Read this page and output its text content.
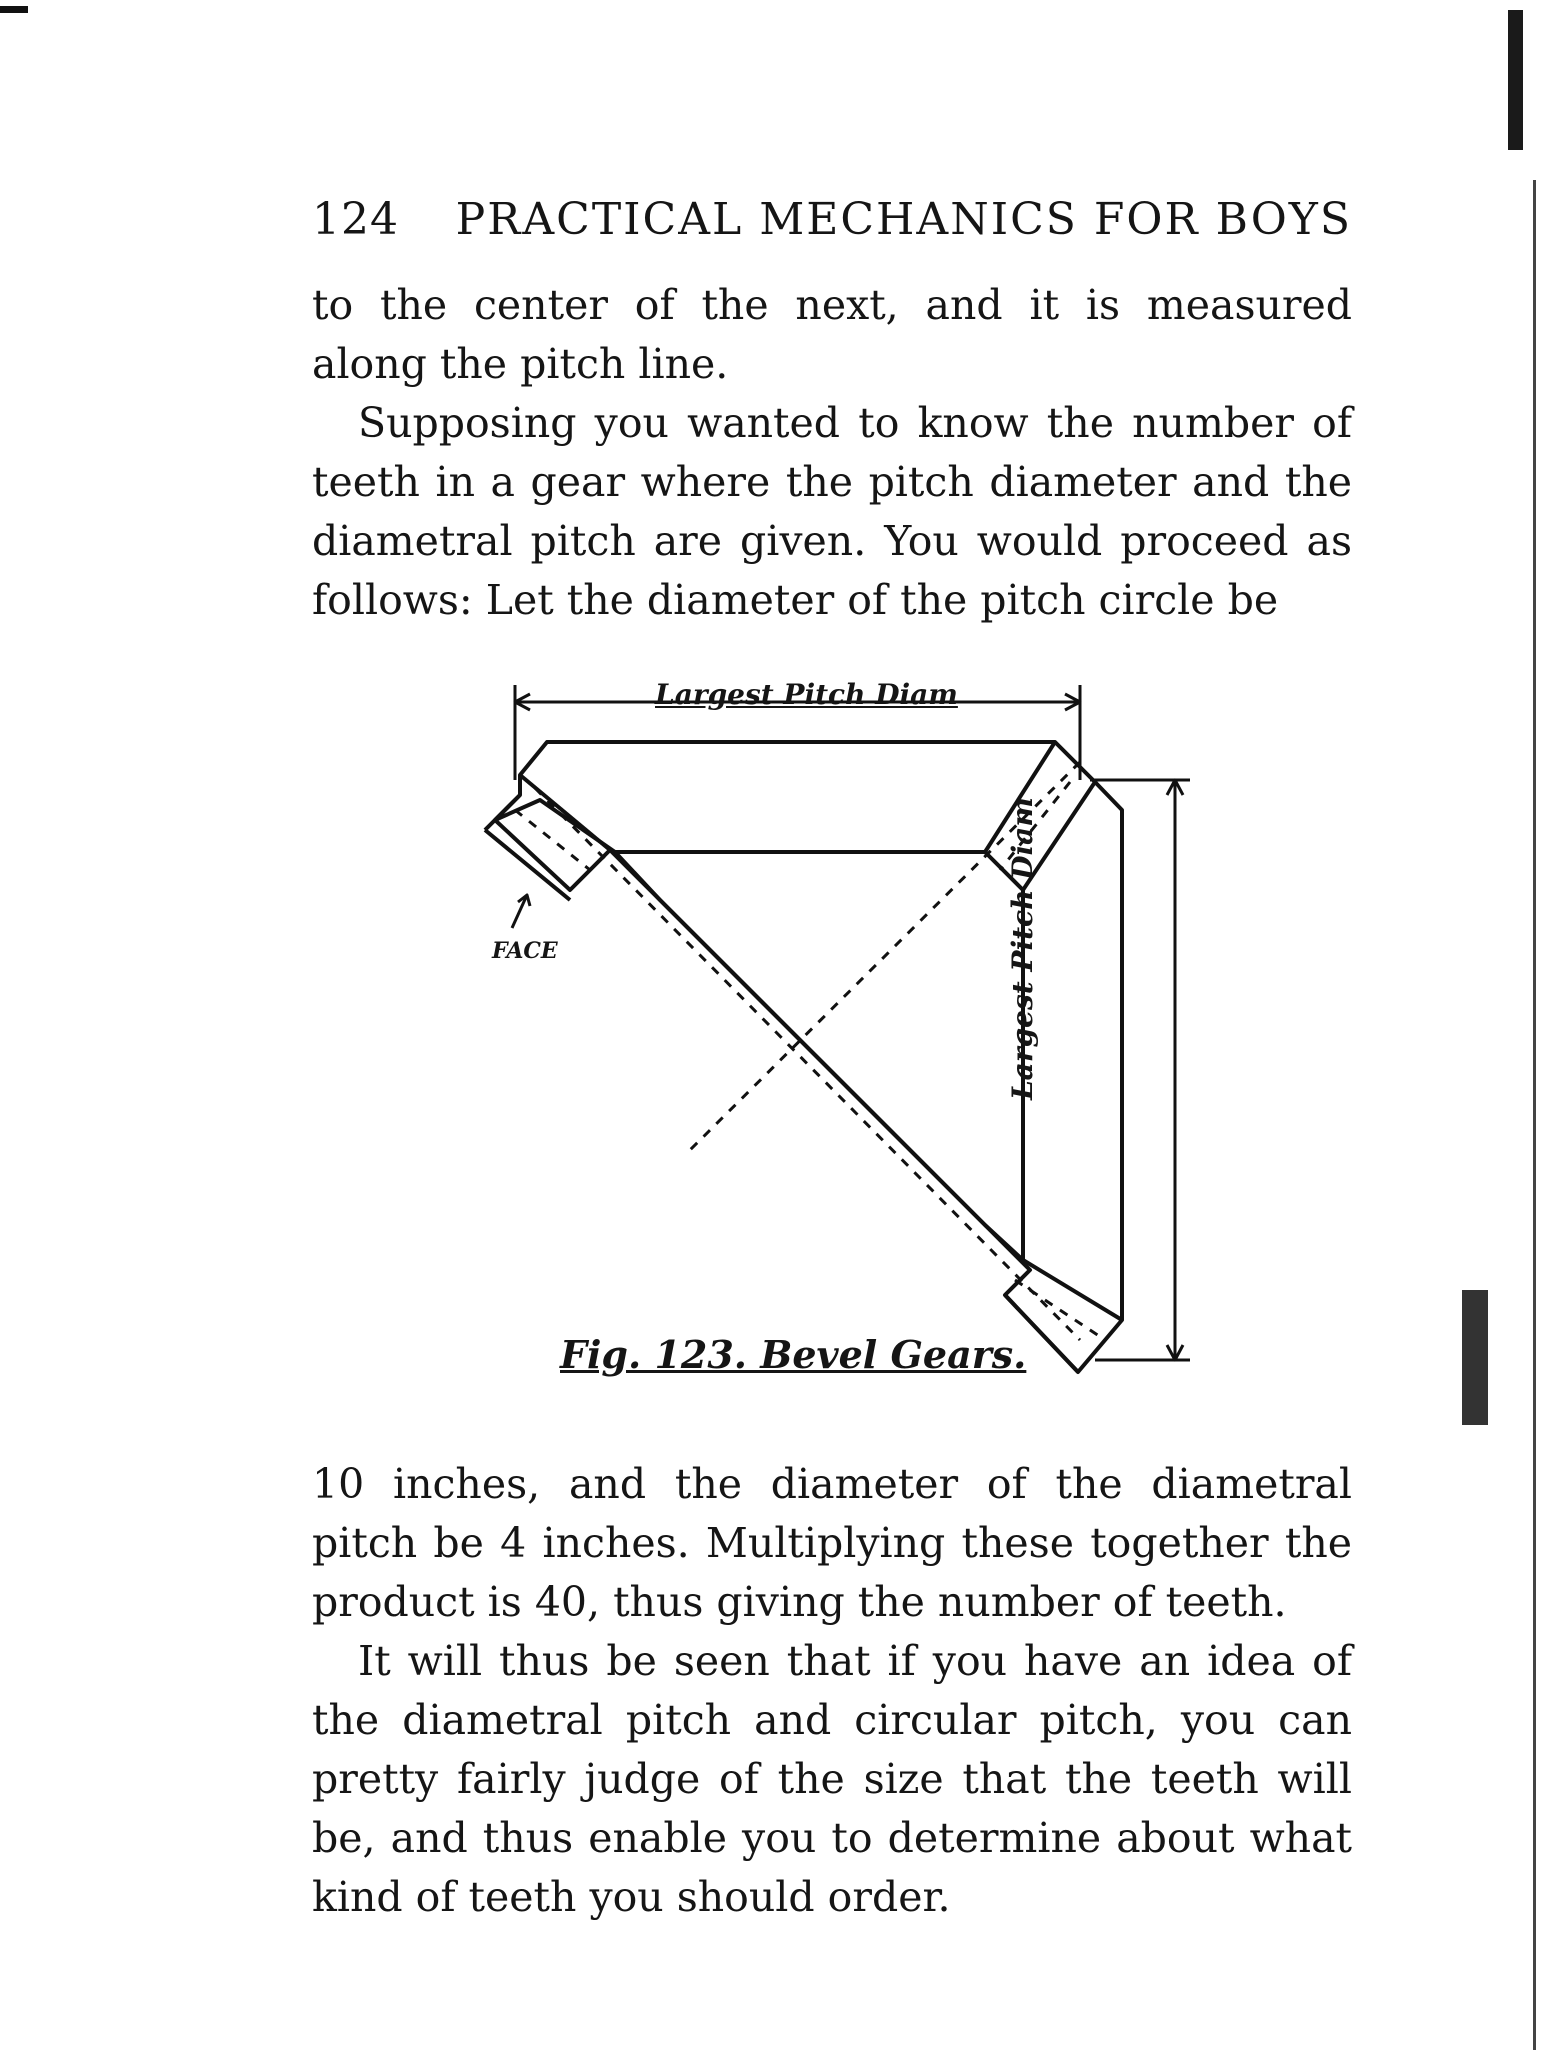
124 PRACTICAL MECHANICS FOR BOYS

to the center of the next, and it is measured along the pitch line.

Supposing you wanted to know the number of teeth in a gear where the pitch diameter and the diametral pitch are given. You would proceed as follows: Let the diameter of the pitch circle be

Largest Pitch Diam
Largest Pitch Diam
FACE
Fig. 123. Bevel Gears.

10 inches, and the diameter of the diametral pitch be 4 inches. Multiplying these together the product is 40, thus giving the number of teeth.

It will thus be seen that if you have an idea of the diametral pitch and circular pitch, you can pretty fairly judge of the size that the teeth will be, and thus enable you to determine about what kind of teeth you should order.
